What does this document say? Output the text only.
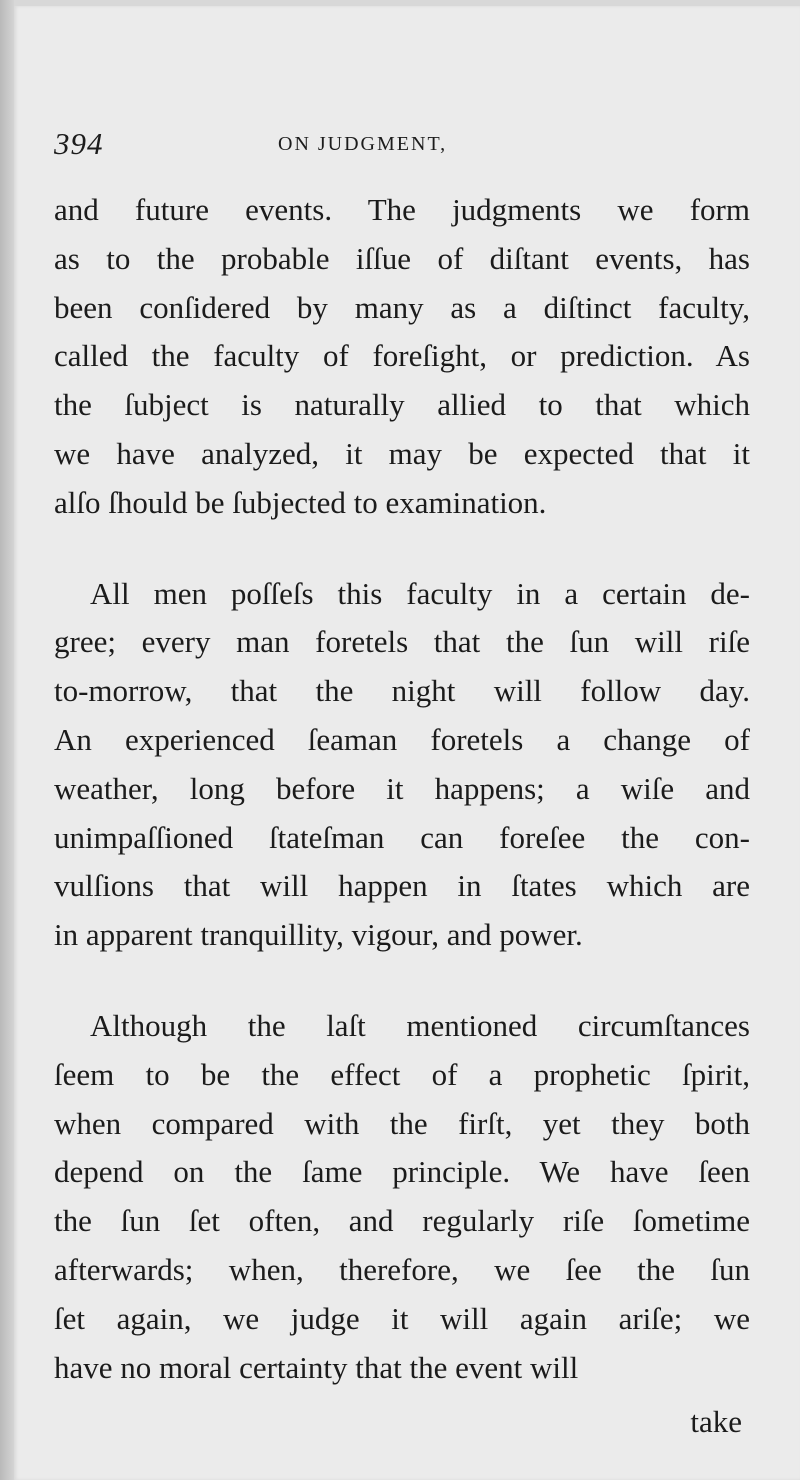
394	ON JUDGMENT,

and future events. The judgments we form
as to the probable iſſue of diſtant events, has
been conſidered by many as a diſtinct faculty,
called the faculty of foreſight, or prediction. As
the ſubject is naturally allied to that which
we have analyzed, it may be expected that it
alſo ſhould be ſubjected to examination.

All men poſſeſs this faculty in a certain de-
gree; every man foretels that the ſun will riſe
to-morrow, that the night will follow day.
An experienced ſeaman foretels a change of
weather, long before it happens; a wiſe and
unimpaſſioned ſtateſman can foreſee the con-
vulſions that will happen in ſtates which are
in apparent tranquillity, vigour, and power.

Although the laſt mentioned circumſtances
ſeem to be the effect of a prophetic ſpirit,
when compared with the firſt, yet they both
depend on the ſame principle. We have ſeen
the ſun ſet often, and regularly riſe ſometime
afterwards; when, therefore, we ſee the ſun
ſet again, we judge it will again ariſe; we
have no moral certainty that the event will

take
